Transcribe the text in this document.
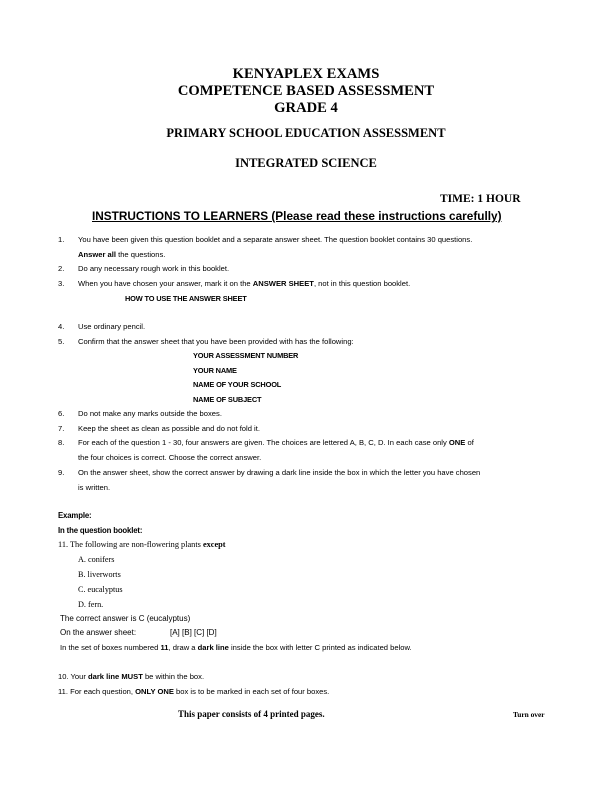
KENYAPLEX EXAMS
COMPETENCE BASED ASSESSMENT
GRADE 4
PRIMARY SCHOOL EDUCATION ASSESSMENT
INTEGRATED SCIENCE
TIME: 1 HOUR
INSTRUCTIONS TO LEARNERS (Please read these instructions carefully)
1. You have been given this question booklet and a separate answer sheet. The question booklet contains 30 questions.
Answer all the questions.
2. Do any necessary rough work in this booklet.
3. When you have chosen your answer, mark it on the ANSWER SHEET, not in this question booklet.
HOW TO USE THE ANSWER SHEET
4. Use ordinary pencil.
5. Confirm that the answer sheet that you have been provided with has the following:
YOUR ASSESSMENT NUMBER
YOUR NAME
NAME OF YOUR SCHOOL
NAME OF SUBJECT
6. Do not make any marks outside the boxes.
7. Keep the sheet as clean as possible and do not fold it.
8. For each of the question 1 - 30, four answers are given. The choices are lettered A, B, C, D. In each case only ONE of
the four choices is correct. Choose the correct answer.
9. On the answer sheet, show the correct answer by drawing a dark line inside the box in which the letter you have chosen
is written.
Example:
In the question booklet:
11. The following are non-flowering plants except
A. conifers
B. liverworts
C. eucalyptus
D. fern.
The correct answer is C (eucalyptus)
On the answer sheet:	[A] [B] [C] [D]
In the set of boxes numbered 11, draw a dark line inside the box with letter C printed as indicated below.
10. Your dark line MUST be within the box.
11. For each question, ONLY ONE box is to be marked in each set of four boxes.
This paper consists of 4 printed pages.	Turn over
